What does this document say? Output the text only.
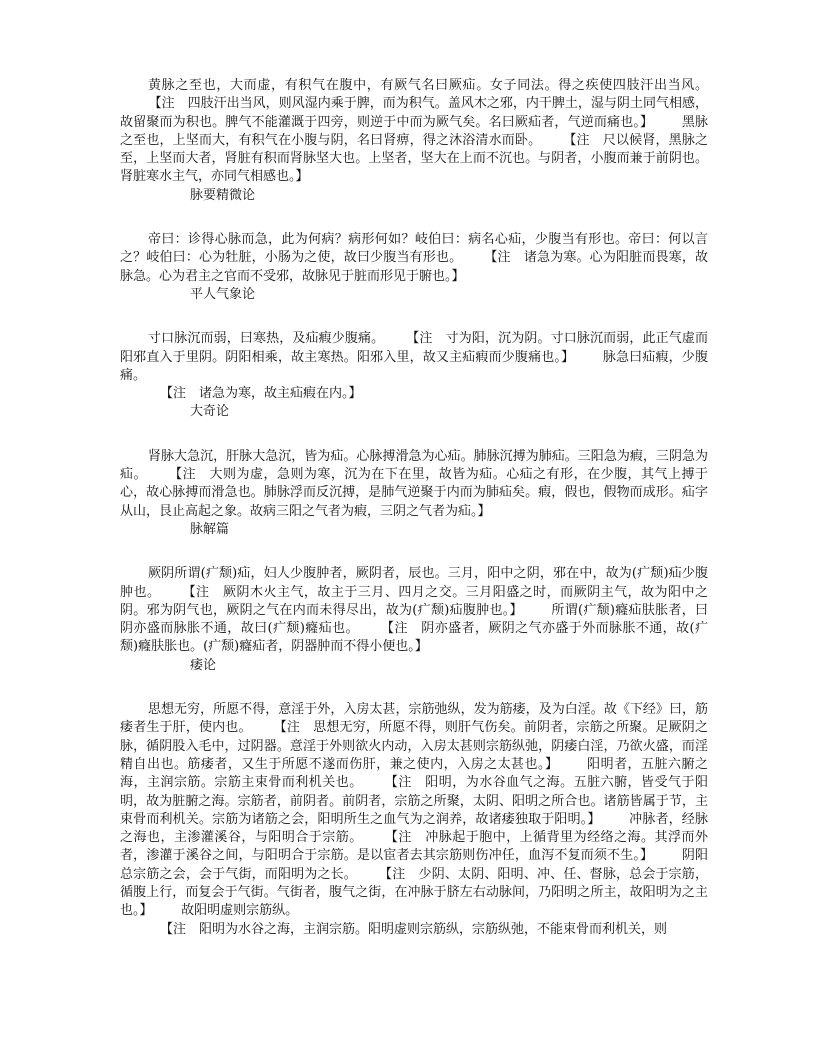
黄脉之至也，大而虚，有积气在腹中，有厥气名曰厥疝。女子同法。得之疾使四肢汗出当风。【注　四肢汗出当风，则风湿内乘于脾，而为积气。盖风木之邪，内干脾土，湿与阴土同气相感，故留聚而为积也。脾气不能灌溉于四旁，则逆于中而为厥气矣。名曰厥疝者，气逆而痛也。】 黑脉之至也，上坚而大，有积气在小腹与阴，名曰肾痹，得之沐浴清水而卧。 【注　尺以候肾，黑脉之至，上坚而大者，肾脏有积而肾脉坚大也。上坚者，坚大在上而不沉也。与阴者，小腹而兼于前阴也。肾脏寒水主气，亦同气相感也。】

脉要精微论

帝曰：诊得心脉而急，此为何病？病形何如？岐伯曰：病名心疝，少腹当有形也。帝曰：何以言之？岐伯曰：心为牡脏，小肠为之使，故曰少腹当有形也。 【注　诸急为寒。心为阳脏而畏寒，故脉急。心为君主之官而不受邪，故脉见于脏而形见于腑也。】

平人气象论

寸口脉沉而弱，曰寒热，及疝瘕少腹痛。 【注　寸为阳，沉为阴。寸口脉沉而弱，此正气虚而阳邪直入于里阴。阴阳相乘，故主寒热。阳邪入里，故又主疝瘕而少腹痛也。】 脉急曰疝瘕，少腹痛。

【注　诸急为寒，故主疝瘕在内。】

大奇论

肾脉大急沉，肝脉大急沉，皆为疝。心脉搏滑急为心疝。肺脉沉搏为肺疝。三阳急为瘕，三阴急为疝。 【注　大则为虚，急则为寒，沉为在下在里，故皆为疝。心疝之有形，在少腹，其气上搏于心，故心脉搏而滑急也。肺脉浮而反沉搏，是肺气逆聚于内而为肺疝矣。瘕，假也，假物而成形。疝字从山，艮止高起之象。故病三阳之气者为瘕，三阴之气者为疝。】

脉解篇

厥阴所谓(疒颓)疝，妇人少腹肿者，厥阴者，辰也。三月，阳中之阴，邪在中，故为(疒颓)疝少腹肿也。 【注　厥阴木火主气，故主于三月、四月之交。三月阳盛之时，而厥阴主气，故为阳中之阴。邪为阴气也，厥阴之气在内而未得尽出，故为(疒颓)疝腹肿也。】 所谓(疒颓)癃疝肤胀者，曰阴亦盛而脉胀不通，故曰(疒颓)癃疝也。 【注　阴亦盛者，厥阴之气亦盛于外而脉胀不通，故(疒颓)癃肤胀也。(疒颓)癃疝者，阴器肿而不得小便也。】

痿论

思想无穷，所愿不得，意淫于外，入房太甚，宗筋弛纵，发为筋痿，及为白淫。故《下经》曰，筋痿者生于肝，使内也。 【注　思想无穷，所愿不得，则肝气伤矣。前阴者，宗筋之所聚。足厥阴之脉，循阴股入毛中，过阴器。意淫于外则欲火内动，入房太甚则宗筋纵弛，阴痿白淫，乃欲火盛，而淫精自出也。筋痿者，又生于所愿不遂而伤肝，兼之使内，入房之太甚也。】 阳明者，五脏六腑之海，主润宗筋。宗筋主束骨而利机关也。 【注　阳明，为水谷血气之海。五脏六腑，皆受气于阳明，故为脏腑之海。宗筋者，前阴者。前阴者，宗筋之所聚，太阴、阳明之所合也。诸筋皆属于节，主束骨而利机关。宗筋为诸筋之会，阳明所生之血气为之润养，故诸痿独取于阳明。】 冲脉者，经脉之海也，主渗灌溪谷，与阳明合于宗筋。 【注　冲脉起于胞中，上循背里为经络之海。其浮而外者，渗灌于溪谷之间，与阳明合于宗筋。是以宦者去其宗筋则伤冲任，血泻不复而须不生。】 阴阳总宗筋之会，会于气街，而阳明为之长。 【注　少阴、太阴、阳明、冲、任、督脉，总会于宗筋，循腹上行，而复会于气街。气街者，腹气之街，在冲脉于脐左右动脉间，乃阳明之所主，故阳明为之主也。】 故阳明虚则宗筋纵。

【注　阳明为水谷之海，主润宗筋。阳明虚则宗筋纵，宗筋纵弛，不能束骨而利机关，则
